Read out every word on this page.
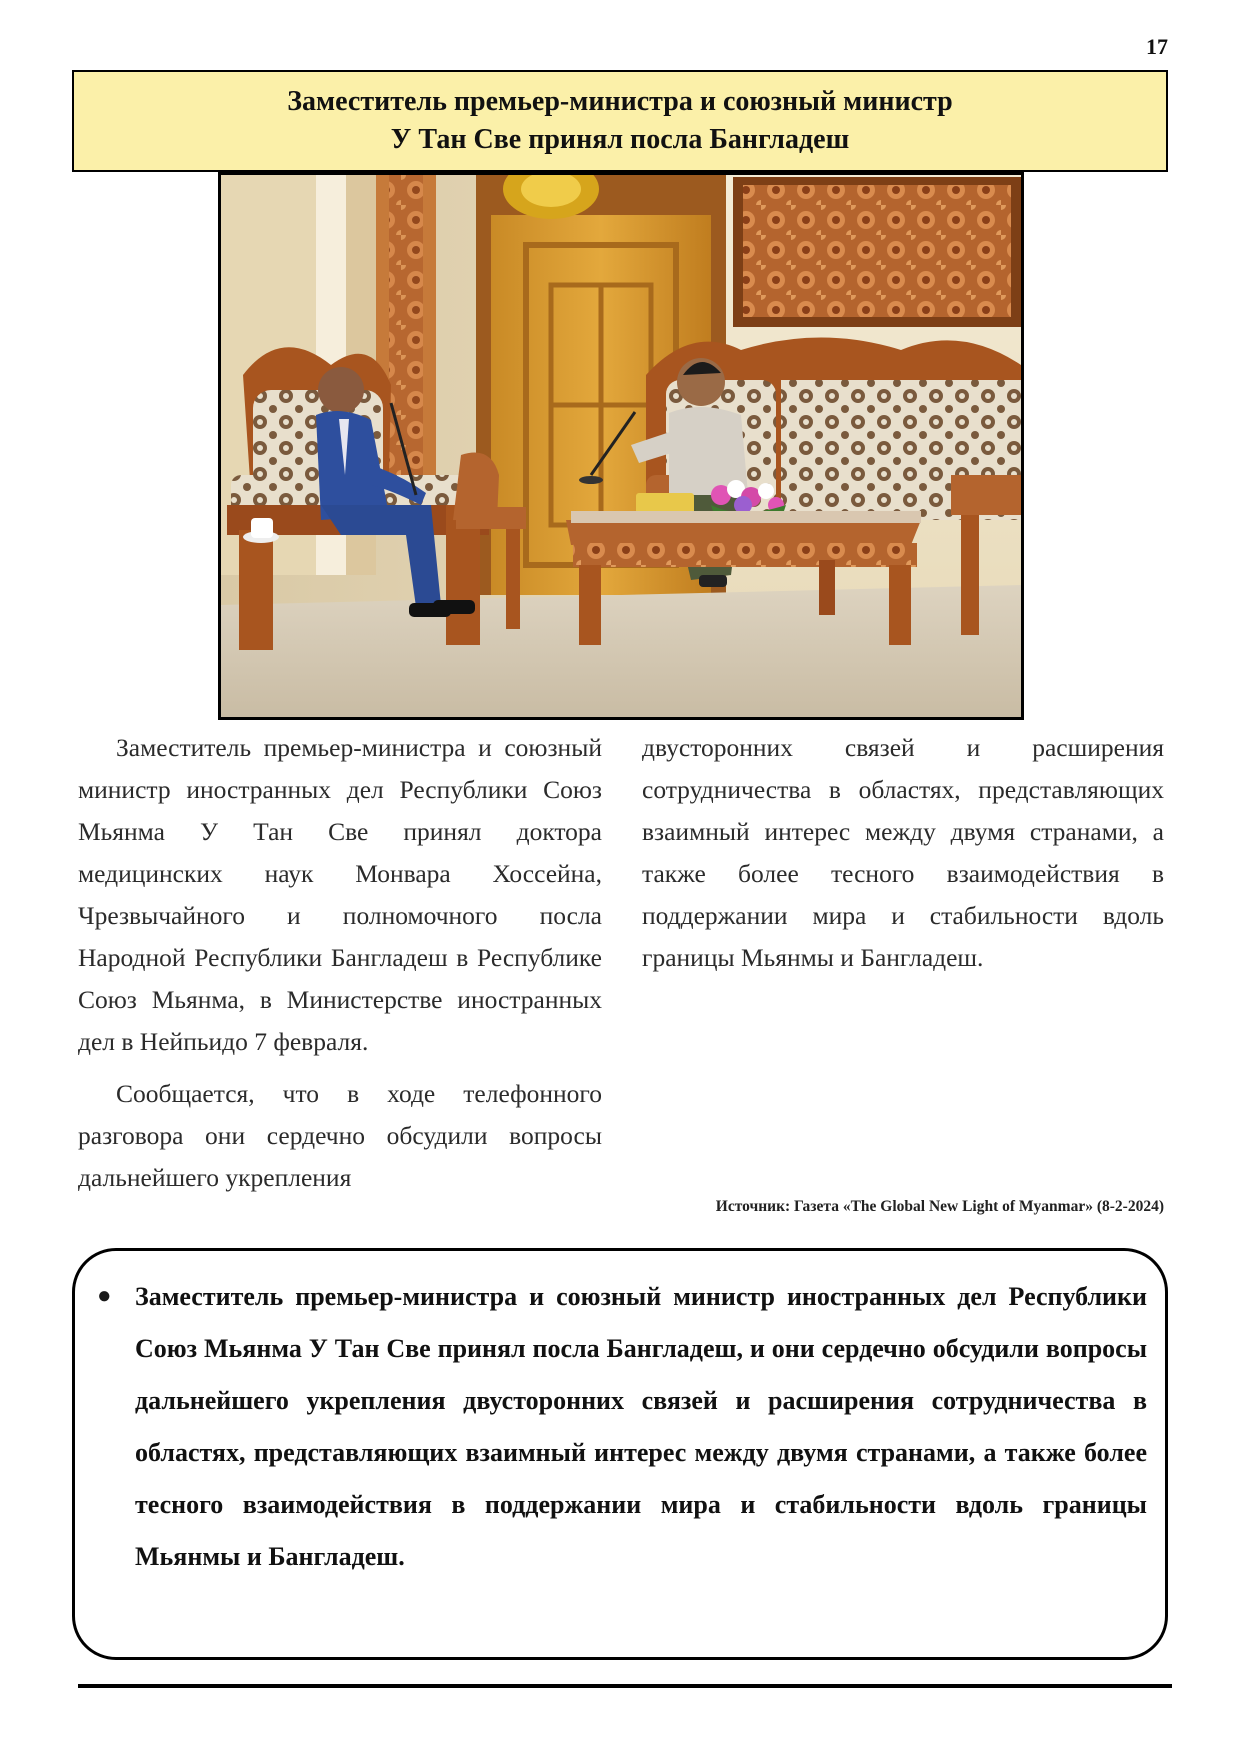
17
Заместитель премьер-министра и союзный министр
У Тан Све принял посла Бангладеш

Заместитель премьер-министра и союзный министр иностранных дел Республики Союз Мьянма У Тан Све принял доктора медицинских наук Монвара Хоссейна, Чрезвычайного и полномочного посла Народной Республики Бангладеш в Республике Союз Мьянма, в Министерстве иностранных дел в Нейпьидо 7 февраля.

Сообщается, что в ходе телефонного разговора они сердечно обсудили вопросы дальнейшего укрепления

двусторонних связей и расширения сотрудничества в областях, представляющих взаимный интерес между двумя странами, а также более тесного взаимодействия в поддержании мира и стабильности вдоль границы Мьянмы и Бангладеш.

Источник: Газета «The Global New Light of Myanmar» (8-2-2024)
● Заместитель премьер-министра и союзный министр иностранных дел Республики Союз Мьянма У Тан Све принял посла Бангладеш, и они сердечно обсудили вопросы дальнейшего укрепления двусторонних связей и расширения сотрудничества в областях, представляющих взаимный интерес между двумя странами, а также более тесного взаимодействия в поддержании мира и стабильности вдоль границы Мьянмы и Бангладеш.
